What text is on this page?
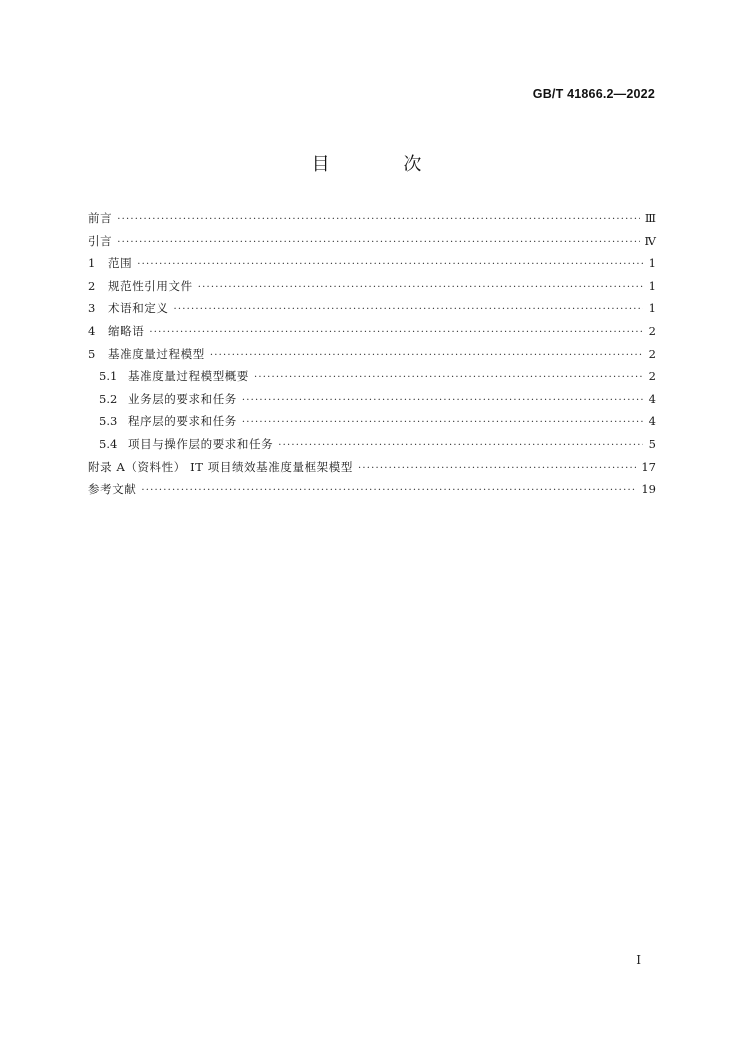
GB/T 41866.2—2022
目 次
前言 ·····	Ⅲ
引言 ·····	Ⅳ
1	范围 ·····	1
2	规范性引用文件 ·····	1
3	术语和定义 ·····	1
4	缩略语 ·····	2
5	基准度量过程模型 ·····	2
5.1 基准度量过程模型概要 ·····	2
5.2 业务层的要求和任务 ·····	4
5.3 程序层的要求和任务 ·····	4
5.4 项目与操作层的要求和任务 ·····	5
附录 A（资料性） IT 项目绩效基准度量框架模型 ·····	17
参考文献 ·····	19
I
